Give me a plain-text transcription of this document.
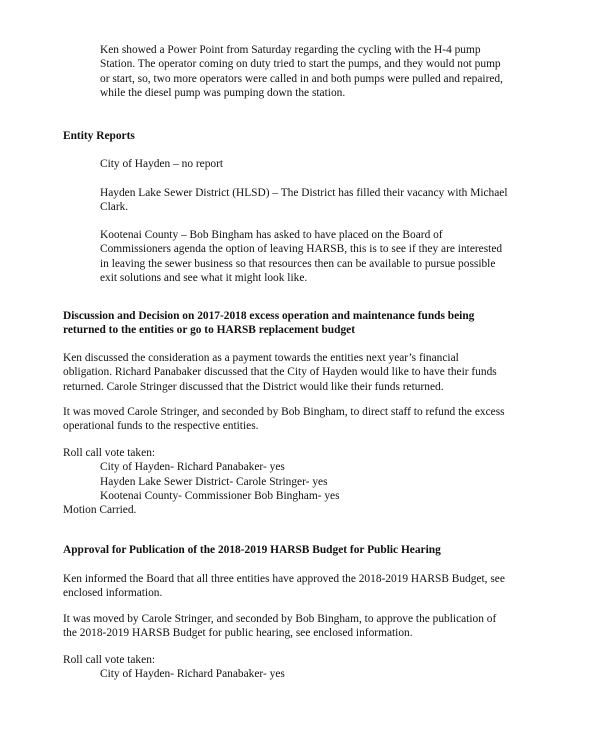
Ken showed a Power Point from Saturday regarding the cycling with the H-4 pump
Station. The operator coming on duty tried to start the pumps, and they would not pump
or start, so, two more operators were called in and both pumps were pulled and repaired,
while the diesel pump was pumping down the station.
Entity Reports
City of Hayden – no report
Hayden Lake Sewer District (HLSD) – The District has filled their vacancy with Michael
Clark.
Kootenai County – Bob Bingham has asked to have placed on the Board of
Commissioners agenda the option of leaving HARSB, this is to see if they are interested
in leaving the sewer business so that resources then can be available to pursue possible
exit solutions and see what it might look like.
Discussion and Decision on 2017-2018 excess operation and maintenance funds being
returned to the entities or go to HARSB replacement budget
Ken discussed the consideration as a payment towards the entities next year’s financial
obligation. Richard Panabaker discussed that the City of Hayden would like to have their funds
returned. Carole Stringer discussed that the District would like their funds returned.
It was moved Carole Stringer, and seconded by Bob Bingham, to direct staff to refund the excess
operational funds to the respective entities.
Roll call vote taken:
City of Hayden- Richard Panabaker- yes
Hayden Lake Sewer District- Carole Stringer- yes
Kootenai County- Commissioner Bob Bingham- yes
Motion Carried.
Approval for Publication of the 2018-2019 HARSB Budget for Public Hearing
Ken informed the Board that all three entities have approved the 2018-2019 HARSB Budget, see
enclosed information.
It was moved by Carole Stringer, and seconded by Bob Bingham, to approve the publication of
the 2018-2019 HARSB Budget for public hearing, see enclosed information.
Roll call vote taken:
City of Hayden- Richard Panabaker- yes
